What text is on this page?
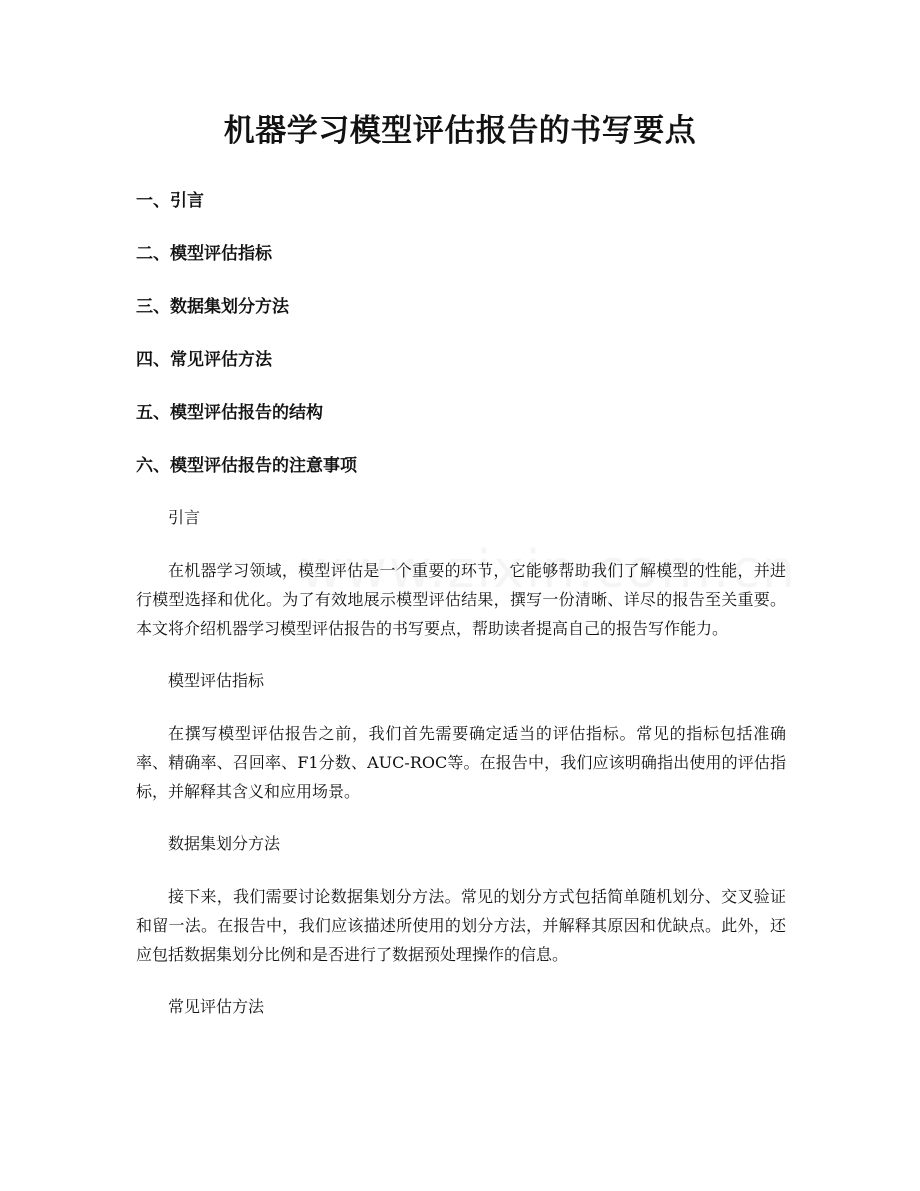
机器学习模型评估报告的书写要点
一、引言
二、模型评估指标
三、数据集划分方法
四、常见评估方法
五、模型评估报告的结构
六、模型评估报告的注意事项

引言

在机器学习领域，模型评估是一个重要的环节，它能够帮助我们了解模型的性能，并进行模型选择和优化。为了有效地展示模型评估结果，撰写一份清晰、详尽的报告至关重要。本文将介绍机器学习模型评估报告的书写要点，帮助读者提高自己的报告写作能力。

模型评估指标

在撰写模型评估报告之前，我们首先需要确定适当的评估指标。常见的指标包括准确率、精确率、召回率、F1分数、AUC-ROC等。在报告中，我们应该明确指出使用的评估指标，并解释其含义和应用场景。

数据集划分方法

接下来，我们需要讨论数据集划分方法。常见的划分方式包括简单随机划分、交叉验证和留一法。在报告中，我们应该描述所使用的划分方法，并解释其原因和优缺点。此外，还应包括数据集划分比例和是否进行了数据预处理操作的信息。

常见评估方法
